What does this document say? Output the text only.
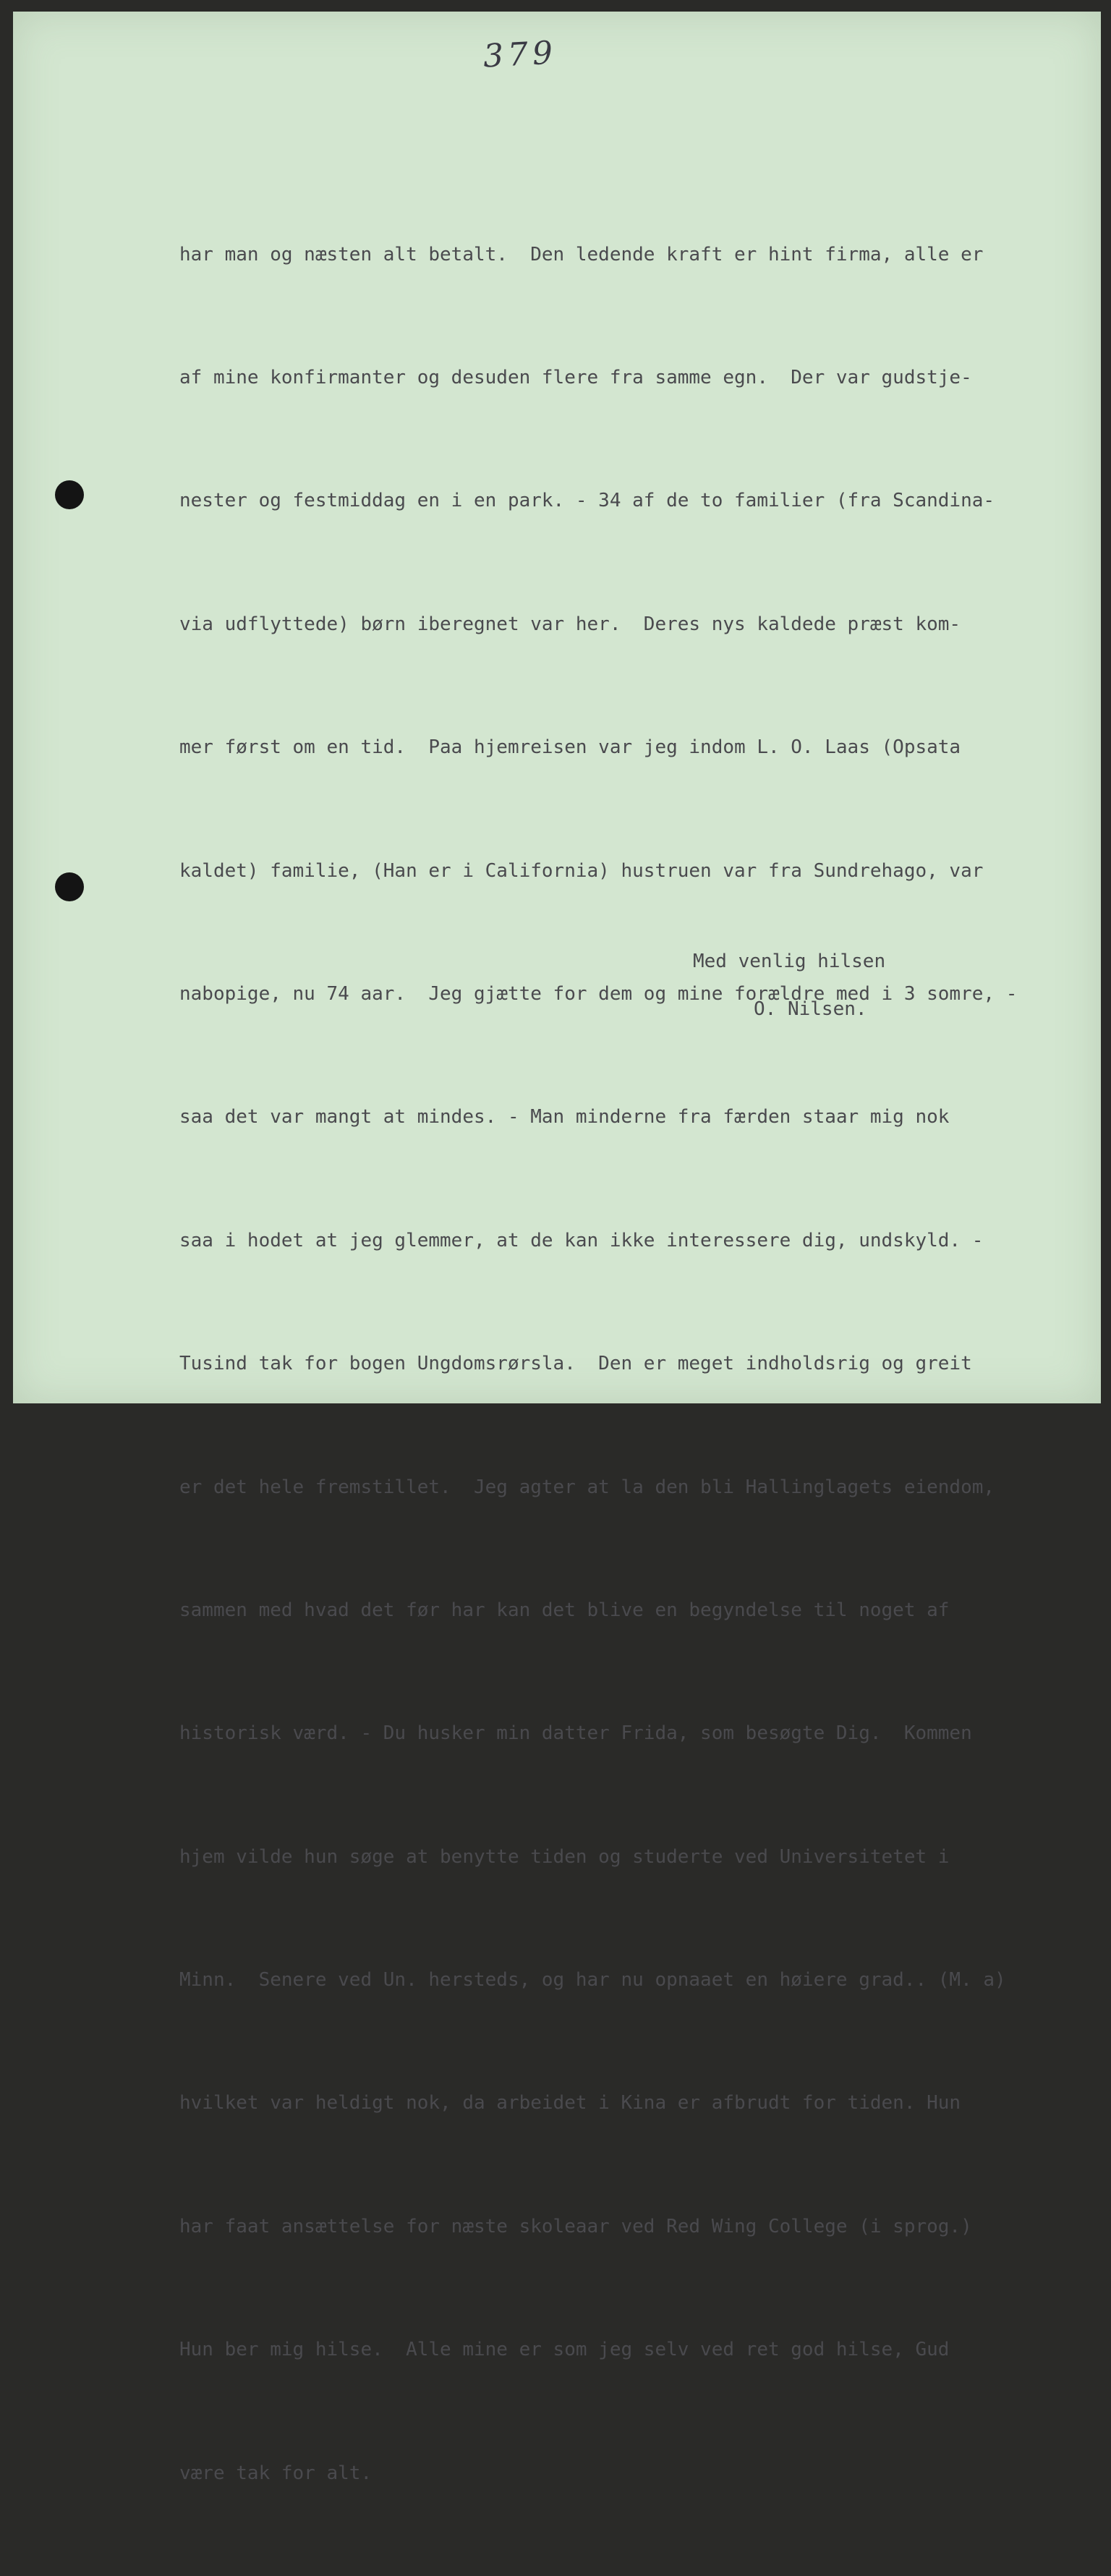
379

har man og næsten alt betalt.  Den ledende kraft er hint firma, alle er

af mine konfirmanter og desuden flere fra samme egn.  Der var gudstje-

nester og festmiddag en i en park. - 34 af de to familier (fra Scandina-

via udflyttede) børn iberegnet var her.  Deres nys kaldede præst kom-

mer først om en tid.  Paa hjemreisen var jeg indom L. O. Laas (Opsata

kaldet) familie, (Han er i California) hustruen var fra Sundrehago, var

nabopige, nu 74 aar.  Jeg gjætte for dem og mine forældre med i 3 somre, -

saa det var mangt at mindes. - Man minderne fra færden staar mig nok

saa i hodet at jeg glemmer, at de kan ikke interessere dig, undskyld. -

Tusind tak for bogen Ungdomsrørsla.  Den er meget indholdsrig og greit

er det hele fremstillet.  Jeg agter at la den bli Hallinglagets eiendom,

sammen med hvad det før har kan det blive en begyndelse til noget af

historisk værd. - Du husker min datter Frida, som besøgte Dig.  Kommen

hjem vilde hun søge at benytte tiden og studerte ved Universitetet i

Minn.  Senere ved Un. hersteds, og har nu opnaaet en høiere grad.. (M. a)

hvilket var heldigt nok, da arbeidet i Kina er afbrudt for tiden. Hun

har faat ansættelse for næste skoleaar ved Red Wing College (i sprog.)

Hun ber mig hilse.  Alle mine er som jeg selv ved ret god hilse, Gud

være tak for alt.

Med venlig hilsen
O. Nilsen.
